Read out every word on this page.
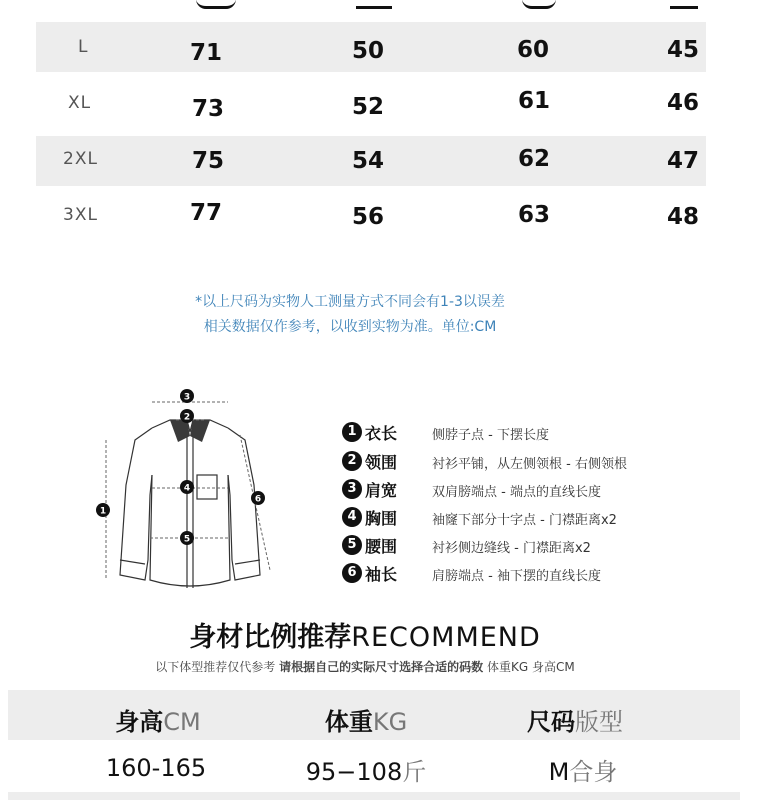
L	71	50	60	45
XL	73	52	61	46
2XL	75	54	62	47
3XL	77	56	63	48
*以上尺码为实物人工测量方式不同会有1-3以误差
相关数据仅作参考，以收到实物为准。单位:CM
3
2
4
5
1
6
1 衣长	侧脖子点 - 下摆长度
2 领围	衬衫平铺，从左侧领根 - 右侧领根
3 肩宽	双肩膀端点 - 端点的直线长度
4 胸围	袖窿下部分十字点 - 门襟距离x2
5 腰围	衬衫侧边缝线 - 门襟距离x2
6 袖长	肩膀端点 - 袖下摆的直线长度
身材比例推荐RECOMMEND
以下体型推荐仅代参考 请根据自己的实际尺寸选择合适的码数 体重KG 身高CM
身高CM	体重KG	尺码版型
160-165	95−108斤	M合身
